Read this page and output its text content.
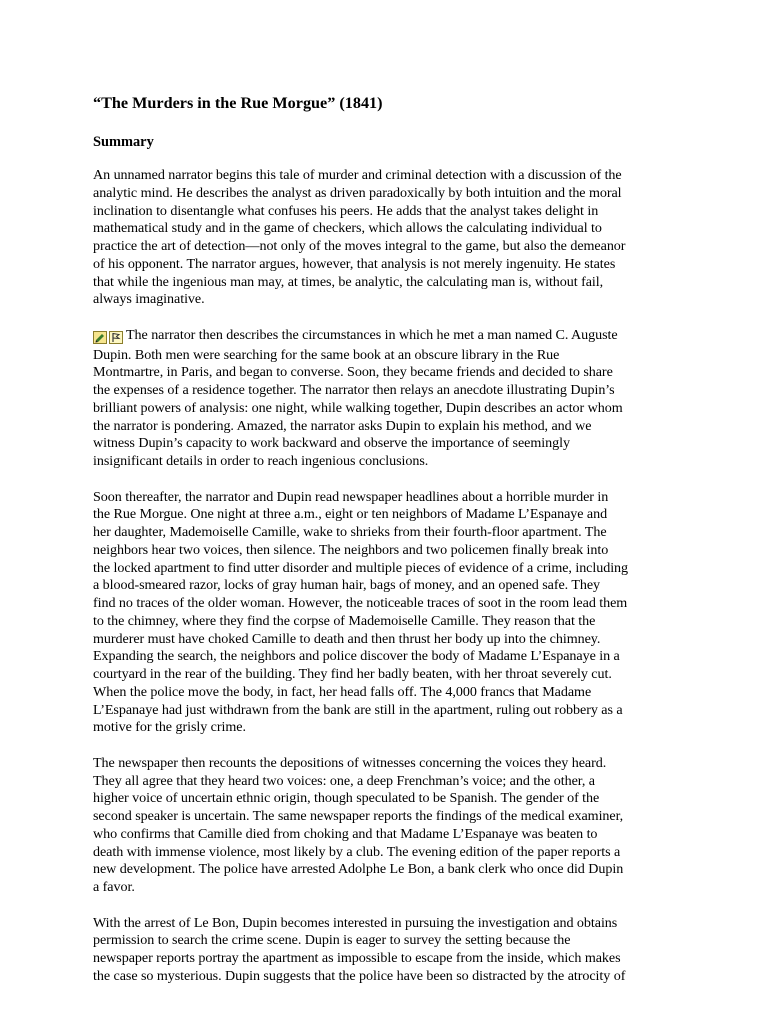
“The Murders in the Rue Morgue” (1841)
Summary
An unnamed narrator begins this tale of murder and criminal detection with a discussion of the
analytic mind. He describes the analyst as driven paradoxically by both intuition and the moral
inclination to disentangle what confuses his peers. He adds that the analyst takes delight in
mathematical study and in the game of checkers, which allows the calculating individual to
practice the art of detection—not only of the moves integral to the game, but also the demeanor
of his opponent. The narrator argues, however, that analysis is not merely ingenuity. He states
that while the ingenious man may, at times, be analytic, the calculating man is, without fail,
always imaginative.
The narrator then describes the circumstances in which he met a man named C. Auguste
Dupin. Both men were searching for the same book at an obscure library in the Rue
Montmartre, in Paris, and began to converse. Soon, they became friends and decided to share
the expenses of a residence together. The narrator then relays an anecdote illustrating Dupin’s
brilliant powers of analysis: one night, while walking together, Dupin describes an actor whom
the narrator is pondering. Amazed, the narrator asks Dupin to explain his method, and we
witness Dupin’s capacity to work backward and observe the importance of seemingly
insignificant details in order to reach ingenious conclusions.
Soon thereafter, the narrator and Dupin read newspaper headlines about a horrible murder in
the Rue Morgue. One night at three a.m., eight or ten neighbors of Madame L’Espanaye and
her daughter, Mademoiselle Camille, wake to shrieks from their fourth-floor apartment. The
neighbors hear two voices, then silence. The neighbors and two policemen finally break into
the locked apartment to find utter disorder and multiple pieces of evidence of a crime, including
a blood-smeared razor, locks of gray human hair, bags of money, and an opened safe. They
find no traces of the older woman. However, the noticeable traces of soot in the room lead them
to the chimney, where they find the corpse of Mademoiselle Camille. They reason that the
murderer must have choked Camille to death and then thrust her body up into the chimney.
Expanding the search, the neighbors and police discover the body of Madame L’Espanaye in a
courtyard in the rear of the building. They find her badly beaten, with her throat severely cut.
When the police move the body, in fact, her head falls off. The 4,000 francs that Madame
L’Espanaye had just withdrawn from the bank are still in the apartment, ruling out robbery as a
motive for the grisly crime.
The newspaper then recounts the depositions of witnesses concerning the voices they heard.
They all agree that they heard two voices: one, a deep Frenchman’s voice; and the other, a
higher voice of uncertain ethnic origin, though speculated to be Spanish. The gender of the
second speaker is uncertain. The same newspaper reports the findings of the medical examiner,
who confirms that Camille died from choking and that Madame L’Espanaye was beaten to
death with immense violence, most likely by a club. The evening edition of the paper reports a
new development. The police have arrested Adolphe Le Bon, a bank clerk who once did Dupin
a favor.
With the arrest of Le Bon, Dupin becomes interested in pursuing the investigation and obtains
permission to search the crime scene. Dupin is eager to survey the setting because the
newspaper reports portray the apartment as impossible to escape from the inside, which makes
the case so mysterious. Dupin suggests that the police have been so distracted by the atrocity of
